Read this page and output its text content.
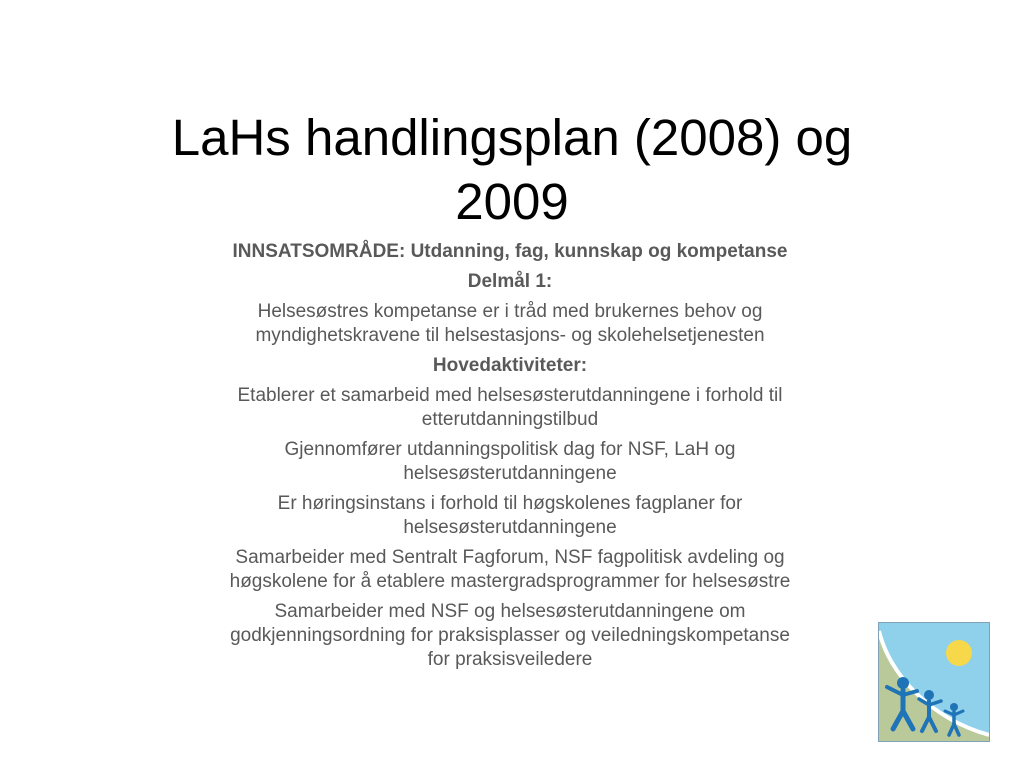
LaHs handlingsplan (2008) og
2009

INNSATSOMRÅDE: Utdanning, fag, kunnskap og kompetanse

Delmål 1:

Helsesøstres kompetanse er i tråd med brukernes behov og
myndighetskravene til helsestasjons- og skolehelsetjenesten

Hovedaktiviteter:

Etablerer et samarbeid med helsesøsterutdanningene i forhold til
etterutdanningstilbud

Gjennomfører utdanningspolitisk dag for NSF, LaH og
helsesøsterutdanningene

Er høringsinstans i forhold til høgskolenes fagplaner for
helsesøsterutdanningene

Samarbeider med Sentralt Fagforum, NSF fagpolitisk avdeling og
høgskolene for å etablere mastergradsprogrammer for helsesøstre

Samarbeider med NSF og helsesøsterutdanningene om
godkjenningsordning for praksisplasser og veiledningskompetanse
for praksisveiledere
